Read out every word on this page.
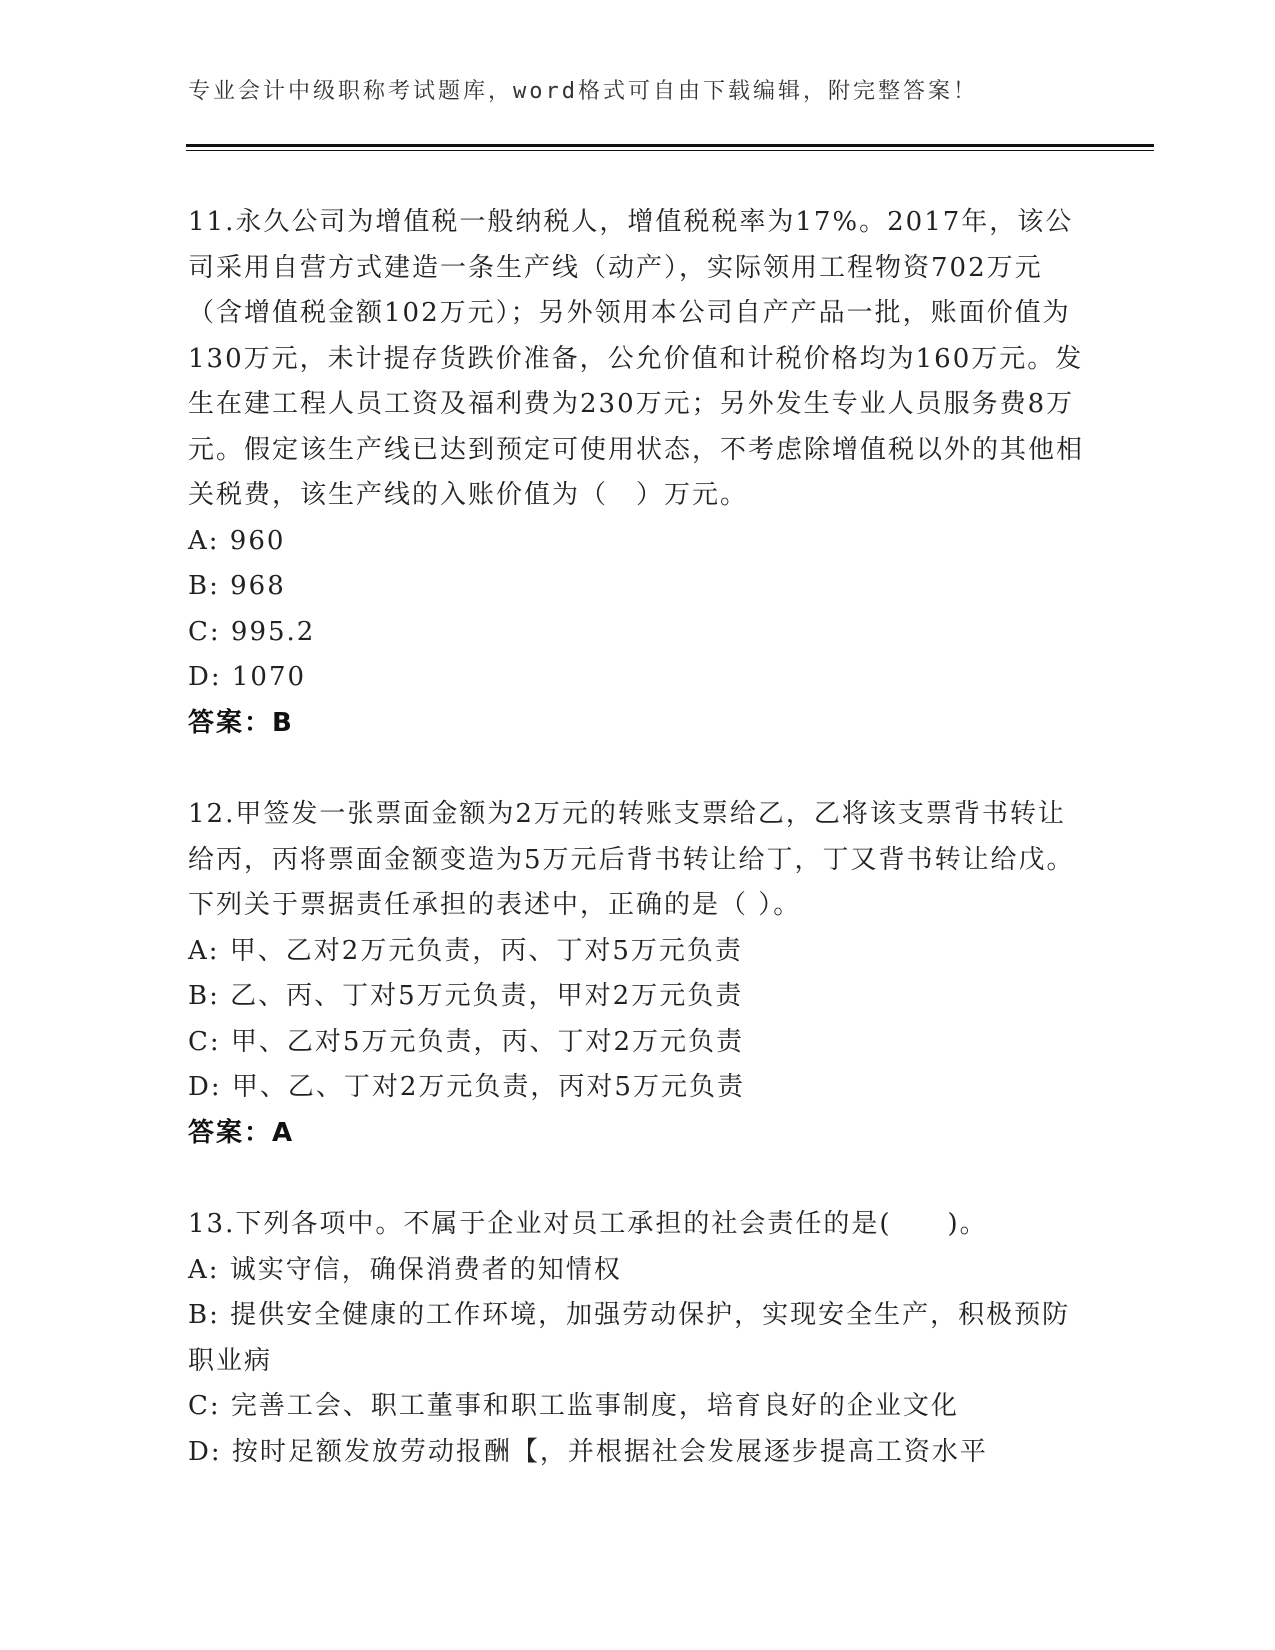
专业会计中级职称考试题库，word格式可自由下载编辑，附完整答案！

11.永久公司为增值税一般纳税人，增值税税率为17%。2017年，该公司采用自营方式建造一条生产线（动产），实际领用工程物资702万元（含增值税金额102万元）；另外领用本公司自产产品一批，账面价值为130万元，未计提存货跌价准备，公允价值和计税价格均为160万元。发生在建工程人员工资及福利费为230万元；另外发生专业人员服务费8万元。假定该生产线已达到预定可使用状态，不考虑除增值税以外的其他相关税费，该生产线的入账价值为（　）万元。

A: 960

B: 968

C: 995.2

D: 1070

答案：B

12.甲签发一张票面金额为2万元的转账支票给乙，乙将该支票背书转让给丙，丙将票面金额变造为5万元后背书转让给丁，丁又背书转让给戊。下列关于票据责任承担的表述中，正确的是（ ）。

A: 甲、乙对2万元负责，丙、丁对5万元负责

B: 乙、丙、丁对5万元负责，甲对2万元负责

C: 甲、乙对5万元负责，丙、丁对2万元负责

D: 甲、乙、丁对2万元负责，丙对5万元负责

答案：A

13.下列各项中。不属于企业对员工承担的社会责任的是(　　)。

A: 诚实守信，确保消费者的知情权

B: 提供安全健康的工作环境，加强劳动保护，实现安全生产，积极预防职业病

C: 完善工会、职工董事和职工监事制度，培育良好的企业文化

D: 按时足额发放劳动报酬【，并根据社会发展逐步提高工资水平
